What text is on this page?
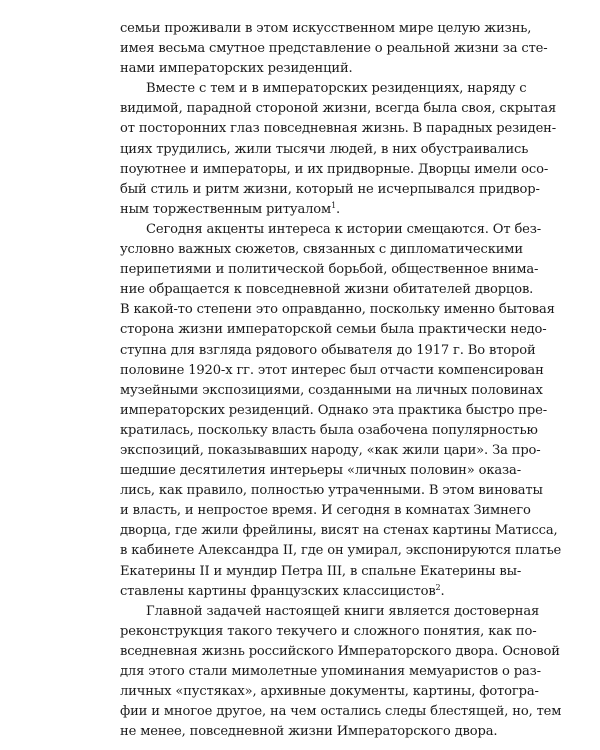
семьи проживали в этом искусственном мире целую жизнь,
имея весьма смутное представление о реальной жизни за сте-
нами императорских резиденций.
Вместе с тем и в императорских резиденциях, наряду с
видимой, парадной стороной жизни, всегда была своя, скрытая
от посторонних глаз повседневная жизнь. В парадных резиден-
циях трудились, жили тысячи людей, в них обустраивались
поуютнее и императоры, и их придворные. Дворцы имели осо-
бый стиль и ритм жизни, который не исчерпывался придвор-
ным торжественным ритуалом$^1$.
Сегодня акценты интереса к истории смещаются. От без-
условно важных сюжетов, связанных с дипломатическими
перипетиями и политической борьбой, общественное внима-
ние обращается к повседневной жизни обитателей дворцов.
В какой-то степени это оправданно, поскольку именно бытовая
сторона жизни императорской семьи была практически недо-
ступна для взгляда рядового обывателя до 1917 г. Во второй
половине 1920-х гг. этот интерес был отчасти компенсирован
музейными экспозициями, созданными на личных половинах
императорских резиденций. Однако эта практика быстро пре-
кратилась, поскольку власть была озабочена популярностью
экспозиций, показывавших народу, «как жили цари». За про-
шедшие десятилетия интерьеры «личных половин» оказа-
лись, как правило, полностью утраченными. В этом виноваты
и власть, и непростое время. И сегодня в комнатах Зимнего
дворца, где жили фрейлины, висят на стенах картины Матисса,
в кабинете Александра II, где он умирал, экспонируются платье
Екатерины II и мундир Петра III, в спальне Екатерины вы-
ставлены картины французских классицистов$^2$.
Главной задачей настоящей книги является достоверная
реконструкция такого текучего и сложного понятия, как по-
вседневная жизнь российского Императорского двора. Основой
для этого стали мимолетные упоминания мемуаристов о раз-
личных «пустяках», архивные документы, картины, фотогра-
фии и многое другое, на чем остались следы блестящей, но, тем
не менее, повседневной жизни Императорского двора.
